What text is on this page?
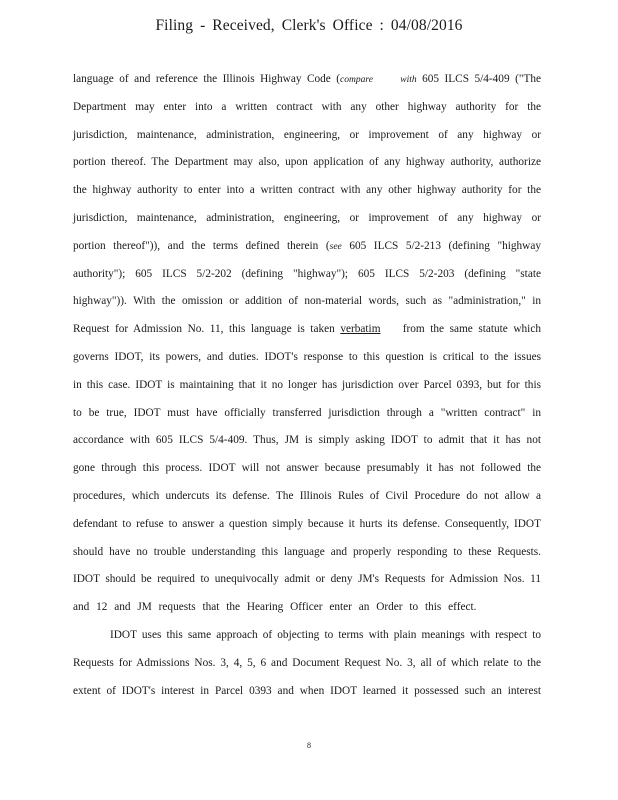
Filing - Received, Clerk's Office : 04/08/2016
language of and reference the Illinois Highway Code (compare	with 605 ILCS 5/4-409 ("The
Department may enter into a written contract with any other highway authority for the
jurisdiction, maintenance, administration, engineering, or improvement of any highway or
portion thereof. The Department may also, upon application of any highway authority, authorize
the highway authority to enter into a written contract with any other highway authority for the
jurisdiction, maintenance, administration, engineering, or improvement of any highway or
portion thereof")), and the terms defined therein (see 605 ILCS 5/2-213 (defining "highway
authority"); 605 ILCS 5/2-202 (defining "highway"); 605 ILCS 5/2-203 (defining "state
highway")). With the omission or addition of non-material words, such as "administration," in
Request for Admission No. 11, this language is taken verbatim from the same statute which
governs IDOT, its powers, and duties. IDOT's response to this question is critical to the issues
in this case. IDOT is maintaining that it no longer has jurisdiction over Parcel 0393, but for this
to be true, IDOT must have officially transferred jurisdiction through a "written contract" in
accordance with 605 ILCS 5/4-409. Thus, JM is simply asking IDOT to admit that it has not
gone through this process. IDOT will not answer because presumably it has not followed the
procedures, which undercuts its defense. The Illinois Rules of Civil Procedure do not allow a
defendant to refuse to answer a question simply because it hurts its defense. Consequently, IDOT
should have no trouble understanding this language and properly responding to these Requests.
IDOT should be required to unequivocally admit or deny JM's Requests for Admission Nos. 11
and 12 and JM requests that the Hearing Officer enter an Order to this effect.
IDOT uses this same approach of objecting to terms with plain meanings with respect to
Requests for Admissions Nos. 3, 4, 5, 6 and Document Request No. 3, all of which relate to the
extent of IDOT's interest in Parcel 0393 and when IDOT learned it possessed such an interest
8
